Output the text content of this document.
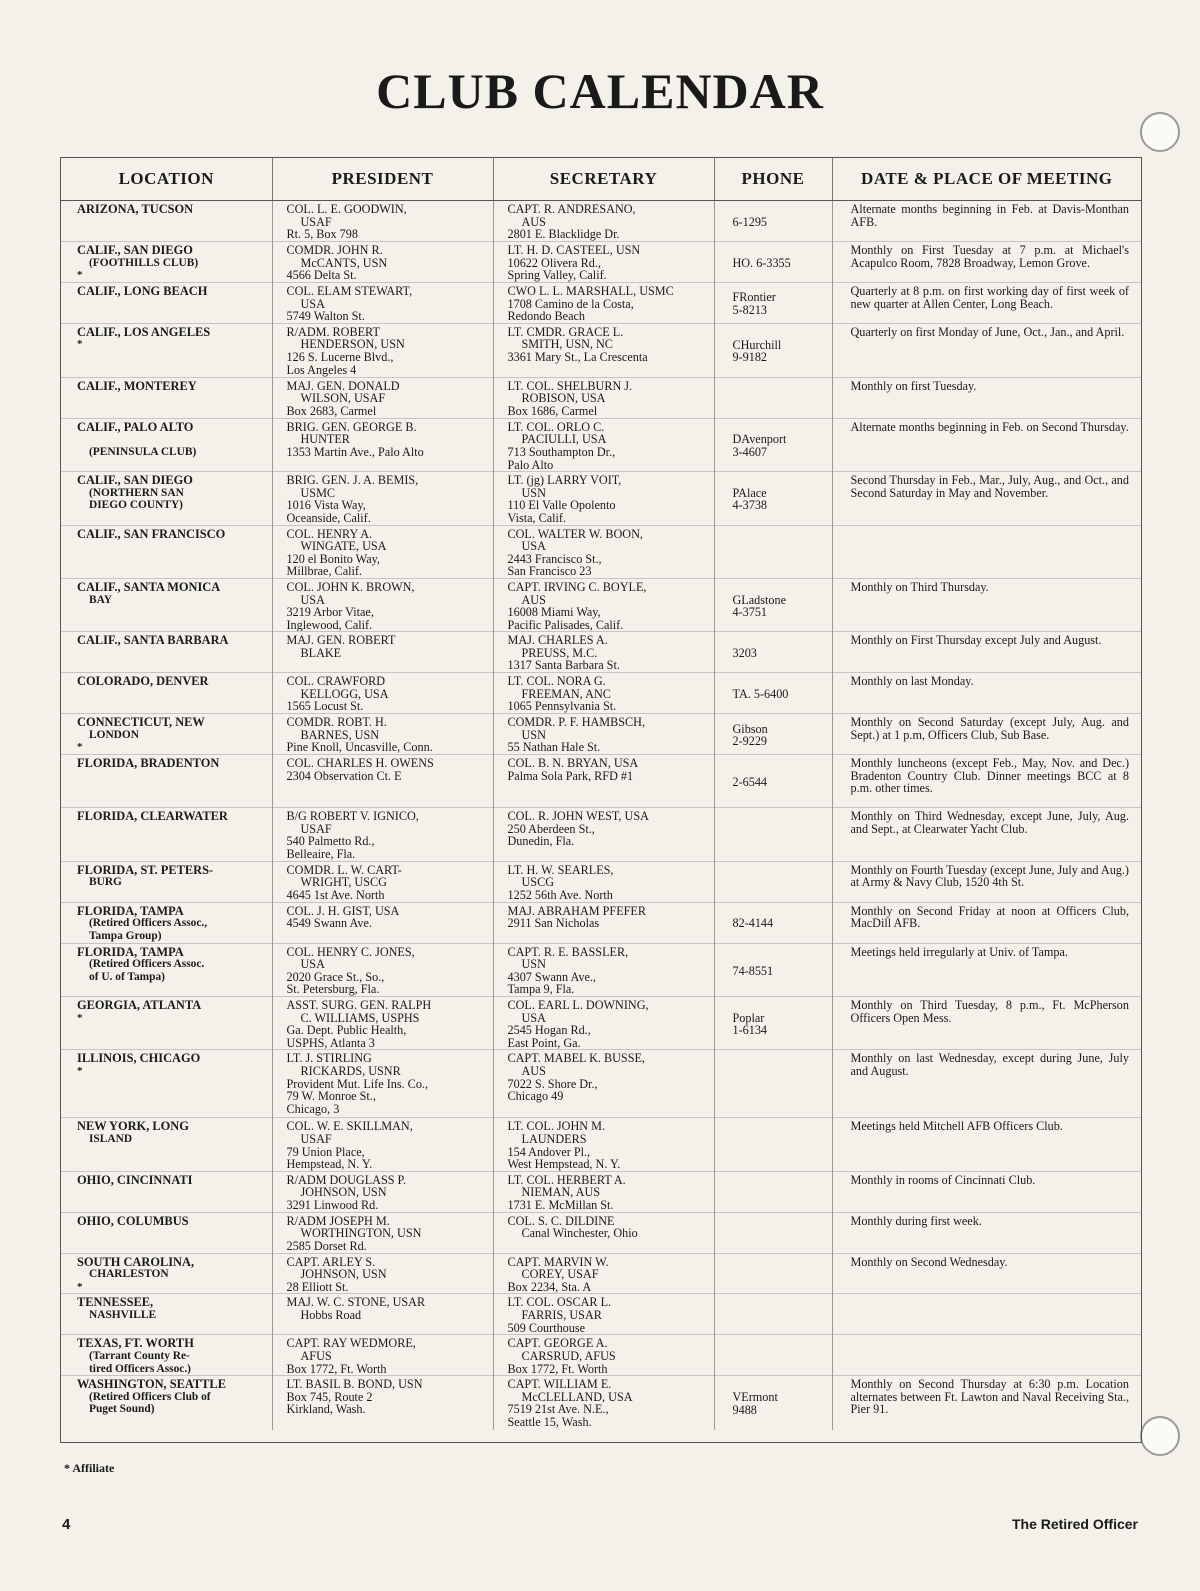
CLUB CALENDAR
LOCATION	PRESIDENT	SECRETARY	PHONE	DATE & PLACE OF MEETING

ARIZONA, TUCSON	COL. L. E. GOODWIN,
USAF
Rt. 5, Box 798	CAPT. R. ANDRESANO,
AUS
2801 E. Blacklidge Dr.	6-1295	Alternate months beginning in Feb. at Davis-Monthan AFB.

CALIF., SAN DIEGO
(FOOTHILLS CLUB)
*	COMDR. JOHN R.
McCANTS, USN
4566 Delta St.	LT. H. D. CASTEEL, USN
10622 Olivera Rd.,
Spring Valley, Calif.	HO. 6-3355	Monthly on First Tuesday at 7 p.m. at Michael's Acapulco Room, 7828 Broadway, Lemon Grove.

CALIF., LONG BEACH	COL. ELAM STEWART,
USA
5749 Walton St.	CWO L. L. MARSHALL, USMC
1708 Camino de la Costa,
Redondo Beach	FRontier
5-8213	Quarterly at 8 p.m. on first working day of first week of new quarter at Allen Center, Long Beach.

CALIF., LOS ANGELES
*	R/ADM. ROBERT
HENDERSON, USN
126 S. Lucerne Blvd.,
Los Angeles 4	LT. CMDR. GRACE L.
SMITH, USN, NC
3361 Mary St., La Crescenta	CHurchill
9-9182	Quarterly on first Monday of June, Oct., Jan., and April.

CALIF., MONTEREY	MAJ. GEN. DONALD
WILSON, USAF
Box 2683, Carmel	LT. COL. SHELBURN J.
ROBISON, USA
Box 1686, Carmel		Monthly on first Tuesday.

CALIF., PALO ALTO

(PENINSULA CLUB)	BRIG. GEN. GEORGE B.
HUNTER
1353 Martin Ave., Palo Alto	LT. COL. ORLO C.
PACIULLI, USA
713 Southampton Dr.,
Palo Alto	DAvenport
3-4607	Alternate months beginning in Feb. on Second Thursday.

CALIF., SAN DIEGO
(NORTHERN SAN
DIEGO COUNTY)	BRIG. GEN. J. A. BEMIS,
USMC
1016 Vista Way,
Oceanside, Calif.	LT. (jg) LARRY VOIT,
USN
110 El Valle Opolento
Vista, Calif.	PAlace
4-3738	Second Thursday in Feb., Mar., July, Aug., and Oct., and Second Saturday in May and November.

CALIF., SAN FRANCISCO	COL. HENRY A.
WINGATE, USA
120 el Bonito Way,
Millbrae, Calif.	COL. WALTER W. BOON,
USA
2443 Francisco St.,
San Francisco 23		

CALIF., SANTA MONICA
BAY	COL. JOHN K. BROWN,
USA
3219 Arbor Vitae,
Inglewood, Calif.	CAPT. IRVING C. BOYLE,
AUS
16008 Miami Way,
Pacific Palisades, Calif.	GLadstone
4-3751	Monthly on Third Thursday.

CALIF., SANTA BARBARA	MAJ. GEN. ROBERT
BLAKE	MAJ. CHARLES A.
PREUSS, M.C.
1317 Santa Barbara St.	3203	Monthly on First Thursday except July and August.

COLORADO, DENVER	COL. CRAWFORD
KELLOGG, USA
1565 Locust St.	LT. COL. NORA G.
FREEMAN, ANC
1065 Pennsylvania St.	TA. 5-6400	Monthly on last Monday.

CONNECTICUT, NEW
LONDON
*	COMDR. ROBT. H.
BARNES, USN
Pine Knoll, Uncasville, Conn.	COMDR. P. F. HAMBSCH,
USN
55 Nathan Hale St.	Gibson
2-9229	Monthly on Second Saturday (except July, Aug. and Sept.) at 1 p.m, Officers Club, Sub Base.

FLORIDA, BRADENTON	COL. CHARLES H. OWENS
2304 Observation Ct. E	COL. B. N. BRYAN, USA
Palma Sola Park, RFD #1	2-6544	Monthly luncheons (except Feb., May, Nov. and Dec.) Bradenton Country Club. Dinner meetings BCC at 8 p.m. other times.

FLORIDA, CLEARWATER	B/G ROBERT V. IGNICO,
USAF
540 Palmetto Rd.,
Belleaire, Fla.	COL. R. JOHN WEST, USA
250 Aberdeen St.,
Dunedin, Fla.		Monthly on Third Wednesday, except June, July, Aug. and Sept., at Clearwater Yacht Club.

FLORIDA, ST. PETERS-
BURG	COMDR. L. W. CART-
WRIGHT, USCG
4645 1st Ave. North	LT. H. W. SEARLES,
USCG
1252 56th Ave. North		Monthly on Fourth Tuesday (except June, July and Aug.) at Army & Navy Club, 1520 4th St.

FLORIDA, TAMPA
(Retired Officers Assoc.,
Tampa Group)	COL. J. H. GIST, USA
4549 Swann Ave.	MAJ. ABRAHAM PFEFER
2911 San Nicholas	82-4144	Monthly on Second Friday at noon at Officers Club, MacDill AFB.

FLORIDA, TAMPA
(Retired Officers Assoc.
of U. of Tampa)	COL. HENRY C. JONES,
USA
2020 Grace St., So.,
St. Petersburg, Fla.	CAPT. R. E. BASSLER,
USN
4307 Swann Ave.,
Tampa 9, Fla.	74-8551	Meetings held irregularly at Univ. of Tampa.

GEORGIA, ATLANTA
*	ASST. SURG. GEN. RALPH
C. WILLIAMS, USPHS
Ga. Dept. Public Health,
USPHS, Atlanta 3	COL. EARL L. DOWNING,
USA
2545 Hogan Rd.,
East Point, Ga.	Poplar
1-6134	Monthly on Third Tuesday, 8 p.m., Ft. McPherson Officers Open Mess.

ILLINOIS, CHICAGO
*	LT. J. STIRLING
RICKARDS, USNR
Provident Mut. Life Ins. Co.,
79 W. Monroe St.,
Chicago, 3	CAPT. MABEL K. BUSSE,
AUS
7022 S. Shore Dr.,
Chicago 49		Monthly on last Wednesday, except during June, July and August.

NEW YORK, LONG
ISLAND	COL. W. E. SKILLMAN,
USAF
79 Union Place,
Hempstead, N. Y.	LT. COL. JOHN M.
LAUNDERS
154 Andover Pl.,
West Hempstead, N. Y.		Meetings held Mitchell AFB Officers Club.

OHIO, CINCINNATI	R/ADM DOUGLASS P.
JOHNSON, USN
3291 Linwood Rd.	LT. COL. HERBERT A.
NIEMAN, AUS
1731 E. McMillan St.		Monthly in rooms of Cincinnati Club.

OHIO, COLUMBUS	R/ADM JOSEPH M.
WORTHINGTON, USN
2585 Dorset Rd.	COL. S. C. DILDINE
Canal Winchester, Ohio		Monthly during first week.

SOUTH CAROLINA,
CHARLESTON
*	CAPT. ARLEY S.
JOHNSON, USN
28 Elliott St.	CAPT. MARVIN W.
COREY, USAF
Box 2234, Sta. A		Monthly on Second Wednesday.

TENNESSEE,
NASHVILLE	MAJ. W. C. STONE, USAR
Hobbs Road	LT. COL. OSCAR L.
FARRIS, USAR
509 Courthouse		

TEXAS, FT. WORTH
(Tarrant County Re-
tired Officers Assoc.)	CAPT. RAY WEDMORE,
AFUS
Box 1772, Ft. Worth	CAPT. GEORGE A.
CARSRUD, AFUS
Box 1772, Ft. Worth		

WASHINGTON, SEATTLE
(Retired Officers Club of
Puget Sound)	LT. BASIL B. BOND, USN
Box 745, Route 2
Kirkland, Wash.	CAPT. WILLIAM E.
McCLELLAND, USA
7519 21st Ave. N.E.,
Seattle 15, Wash.	VErmont
9488	Monthly on Second Thursday at 6:30 p.m. Location alternates between Ft. Lawton and Naval Receiving Sta., Pier 91.
* Affiliate
4	The Retired Officer
